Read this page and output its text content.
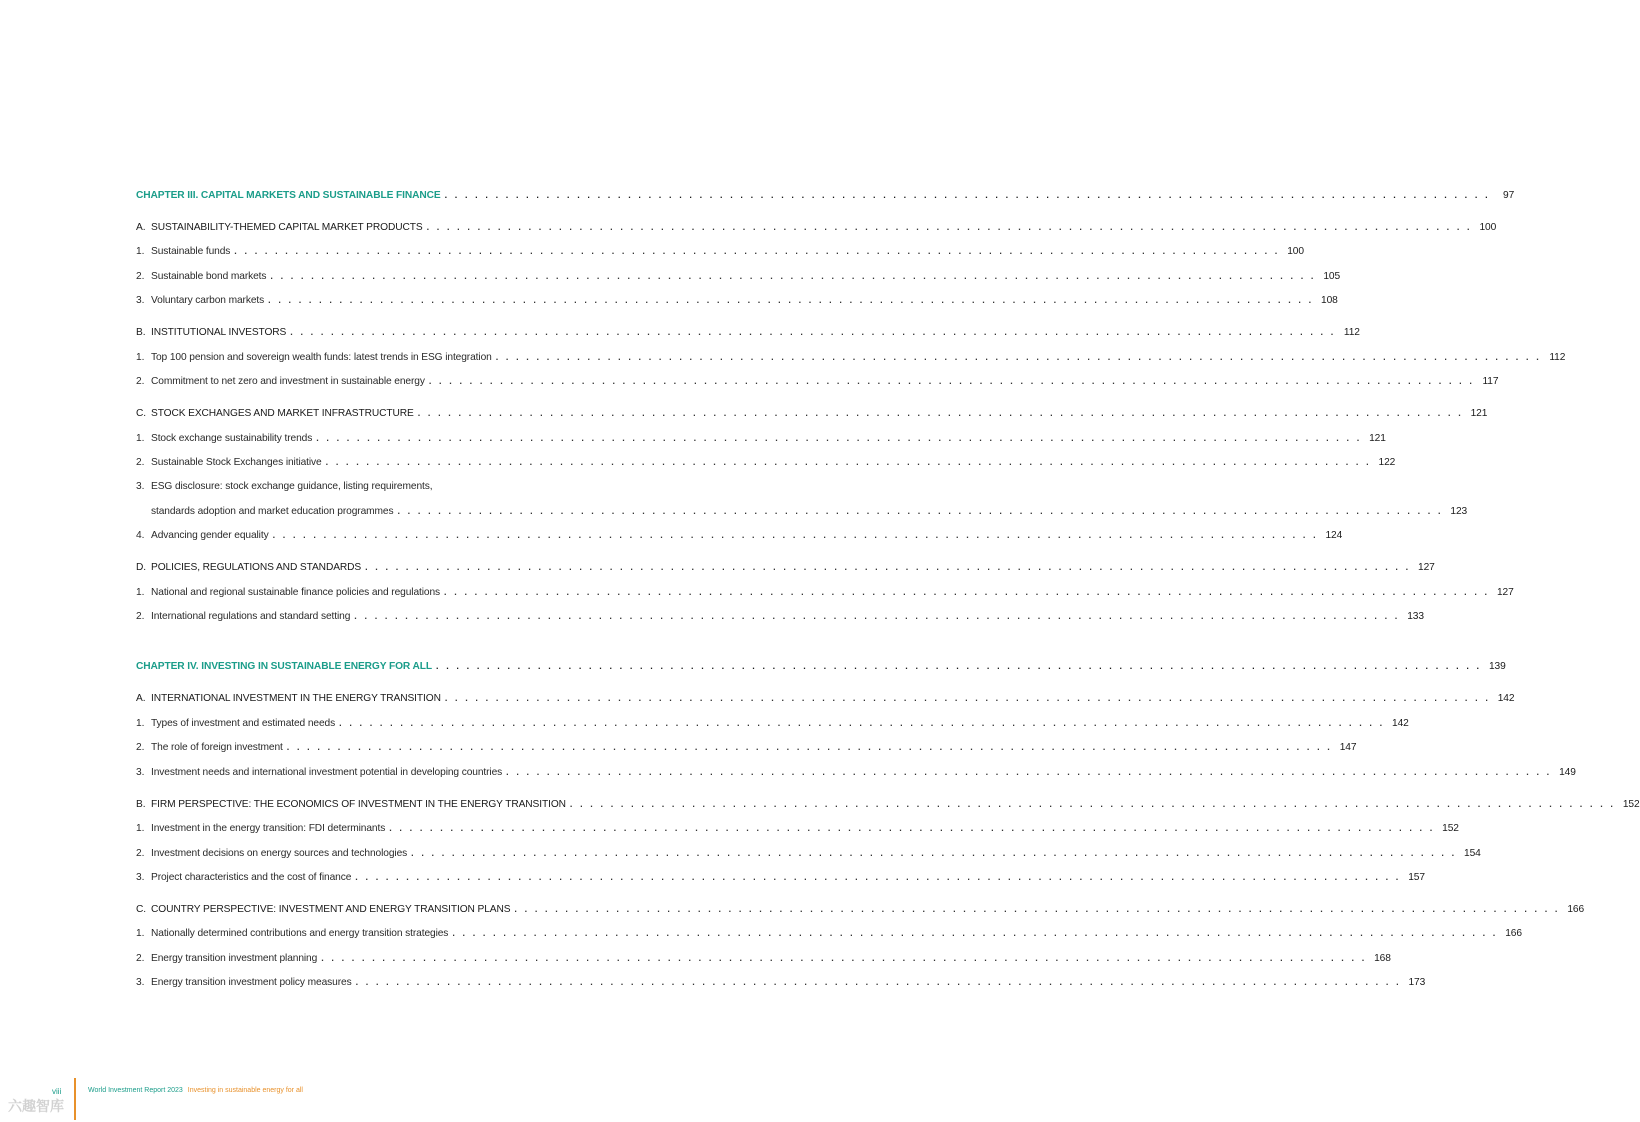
CHAPTER III. CAPITAL MARKETS AND SUSTAINABLE FINANCE . . . . . . . . . . . . . . . . . . . . . . . . . . . . . . . . . . . . . . . . . . . . . . . . . . . . . . . . . . . . . . . . . . . . . . . . . . . . . . . . . . . . . . . . . . . . . . . . . . . . . . .	97
A. SUSTAINABILITY-THEMED CAPITAL MARKET PRODUCTS . . . . . . . . . . . . . . . . . . . . . . . . . . . . . . . . . . . . . . . . . . . . . . . . . . . . . . . . . . . . . . . . . . . . . . . . . . . . . . . . . . . . . . . . . . . . . . . . . . . . . . . 100
1. Sustainable funds . . . . . . . . . . . . . . . . . . . . . . . . . . . . . . . . . . . . . . . . . . . . . . . . . . . . . . . . . . . . . . . . . . . . . . . . . . . . . . . . . . . . . . . . . . . . . . . . . . . . . . . 100
2. Sustainable bond markets . . . . . . . . . . . . . . . . . . . . . . . . . . . . . . . . . . . . . . . . . . . . . . . . . . . . . . . . . . . . . . . . . . . . . . . . . . . . . . . . . . . . . . . . . . . . . . . . . . . . . . . 105
3. Voluntary carbon markets . . . . . . . . . . . . . . . . . . . . . . . . . . . . . . . . . . . . . . . . . . . . . . . . . . . . . . . . . . . . . . . . . . . . . . . . . . . . . . . . . . . . . . . . . . . . . . . . . . . . . . . 108
B. INSTITUTIONAL INVESTORS . . . . . . . . . . . . . . . . . . . . . . . . . . . . . . . . . . . . . . . . . . . . . . . . . . . . . . . . . . . . . . . . . . . . . . . . . . . . . . . . . . . . . . . . . . . . . . . . . . . . . . . 112
1. Top 100 pension and sovereign wealth funds: latest trends in ESG integration . . . . . . . . . . . . . . . . . . . . . . . . . . . . . . . . . . . . . . . . . . . . . . . . . . . . . . . . . . . . . . . . . . . . . . . . . . . . . . . . . . . . . . . . . . . . . . . . . . . . . . . 112
2. Commitment to net zero and investment in sustainable energy . . . . . . . . . . . . . . . . . . . . . . . . . . . . . . . . . . . . . . . . . . . . . . . . . . . . . . . . . . . . . . . . . . . . . . . . . . . . . . . . . . . . . . . . . . . . . . . . . . . . . . . 117
C. STOCK EXCHANGES AND MARKET INFRASTRUCTURE . . . . . . . . . . . . . . . . . . . . . . . . . . . . . . . . . . . . . . . . . . . . . . . . . . . . . . . . . . . . . . . . . . . . . . . . . . . . . . . . . . . . . . . . . . . . . . . . . . . . . . . 121
1. Stock exchange sustainability trends . . . . . . . . . . . . . . . . . . . . . . . . . . . . . . . . . . . . . . . . . . . . . . . . . . . . . . . . . . . . . . . . . . . . . . . . . . . . . . . . . . . . . . . . . . . . . . . . . . . . . . . 121
2. Sustainable Stock Exchanges initiative . . . . . . . . . . . . . . . . . . . . . . . . . . . . . . . . . . . . . . . . . . . . . . . . . . . . . . . . . . . . . . . . . . . . . . . . . . . . . . . . . . . . . . . . . . . . . . . . . . . . . . . 122
3. ESG disclosure: stock exchange guidance, listing requirements,
standards adoption and market education programmes . . . . . . . . . . . . . . . . . . . . . . . . . . . . . . . . . . . . . . . . . . . . . . . . . . . . . . . . . . . . . . . . . . . . . . . . . . . . . . . . . . . . . . . . . . . . . . . . . . . . . . . 123
4. Advancing gender equality . . . . . . . . . . . . . . . . . . . . . . . . . . . . . . . . . . . . . . . . . . . . . . . . . . . . . . . . . . . . . . . . . . . . . . . . . . . . . . . . . . . . . . . . . . . . . . . . . . . . . . . 124
D. POLICIES, REGULATIONS AND STANDARDS . . . . . . . . . . . . . . . . . . . . . . . . . . . . . . . . . . . . . . . . . . . . . . . . . . . . . . . . . . . . . . . . . . . . . . . . . . . . . . . . . . . . . . . . . . . . . . . . . . . . . . . 127
1. National and regional sustainable finance policies and regulations . . . . . . . . . . . . . . . . . . . . . . . . . . . . . . . . . . . . . . . . . . . . . . . . . . . . . . . . . . . . . . . . . . . . . . . . . . . . . . . . . . . . . . . . . . . . . . . . . . . . . . . 127
2. International regulations and standard setting . . . . . . . . . . . . . . . . . . . . . . . . . . . . . . . . . . . . . . . . . . . . . . . . . . . . . . . . . . . . . . . . . . . . . . . . . . . . . . . . . . . . . . . . . . . . . . . . . . . . . . . 133
CHAPTER IV. INVESTING IN SUSTAINABLE ENERGY FOR ALL . . . . . . . . . . . . . . . . . . . . . . . . . . . . . . . . . . . . . . . . . . . . . . . . . . . . . . . . . . . . . . . . . . . . . . . . . . . . . . . . . . . . . . . . . . . . . . . . . . . . . . . 139
A. INTERNATIONAL INVESTMENT IN THE ENERGY TRANSITION . . . . . . . . . . . . . . . . . . . . . . . . . . . . . . . . . . . . . . . . . . . . . . . . . . . . . . . . . . . . . . . . . . . . . . . . . . . . . . . . . . . . . . . . . . . . . . . . . . . . . . . 142
1. Types of investment and estimated needs . . . . . . . . . . . . . . . . . . . . . . . . . . . . . . . . . . . . . . . . . . . . . . . . . . . . . . . . . . . . . . . . . . . . . . . . . . . . . . . . . . . . . . . . . . . . . . . . . . . . . . . 142
2. The role of foreign investment . . . . . . . . . . . . . . . . . . . . . . . . . . . . . . . . . . . . . . . . . . . . . . . . . . . . . . . . . . . . . . . . . . . . . . . . . . . . . . . . . . . . . . . . . . . . . . . . . . . . . . . 147
3. Investment needs and international investment potential in developing countries . . . . . . . . . . . . . . . . . . . . . . . . . . . . . . . . . . . . . . . . . . . . . . . . . . . . . . . . . . . . . . . . . . . . . . . . . . . . . . . . . . . . . . . . . . . . . . . . . . . . . . . 149
B. FIRM PERSPECTIVE: THE ECONOMICS OF INVESTMENT IN THE ENERGY TRANSITION . . . . . . . . . . . . . . . . . . . . . . . . . . . . . . . . . . . . . . . . . . . . . . . . . . . . . . . . . . . . . . . . . . . . . . . . . . . . . . . . . . . . . . . . . . . . . . . . . . . . . . . 152
1. Investment in the energy transition: FDI determinants . . . . . . . . . . . . . . . . . . . . . . . . . . . . . . . . . . . . . . . . . . . . . . . . . . . . . . . . . . . . . . . . . . . . . . . . . . . . . . . . . . . . . . . . . . . . . . . . . . . . . . . 152
2. Investment decisions on energy sources and technologies . . . . . . . . . . . . . . . . . . . . . . . . . . . . . . . . . . . . . . . . . . . . . . . . . . . . . . . . . . . . . . . . . . . . . . . . . . . . . . . . . . . . . . . . . . . . . . . . . . . . . . . 154
3. Project characteristics and the cost of finance . . . . . . . . . . . . . . . . . . . . . . . . . . . . . . . . . . . . . . . . . . . . . . . . . . . . . . . . . . . . . . . . . . . . . . . . . . . . . . . . . . . . . . . . . . . . . . . . . . . . . . . 157
C. COUNTRY PERSPECTIVE: INVESTMENT AND ENERGY TRANSITION PLANS . . . . . . . . . . . . . . . . . . . . . . . . . . . . . . . . . . . . . . . . . . . . . . . . . . . . . . . . . . . . . . . . . . . . . . . . . . . . . . . . . . . . . . . . . . . . . . . . . . . . . . . 166
1. Nationally determined contributions and energy transition strategies . . . . . . . . . . . . . . . . . . . . . . . . . . . . . . . . . . . . . . . . . . . . . . . . . . . . . . . . . . . . . . . . . . . . . . . . . . . . . . . . . . . . . . . . . . . . . . . . . . . . . . . 166
2. Energy transition investment planning . . . . . . . . . . . . . . . . . . . . . . . . . . . . . . . . . . . . . . . . . . . . . . . . . . . . . . . . . . . . . . . . . . . . . . . . . . . . . . . . . . . . . . . . . . . . . . . . . . . . . . . 168
3. Energy transition investment policy measures . . . . . . . . . . . . . . . . . . . . . . . . . . . . . . . . . . . . . . . . . . . . . . . . . . . . . . . . . . . . . . . . . . . . . . . . . . . . . . . . . . . . . . . . . . . . . . . . . . . . . . . 173
viii	World Investment Report 2023 Investing in sustainable energy for all
六趣智库
